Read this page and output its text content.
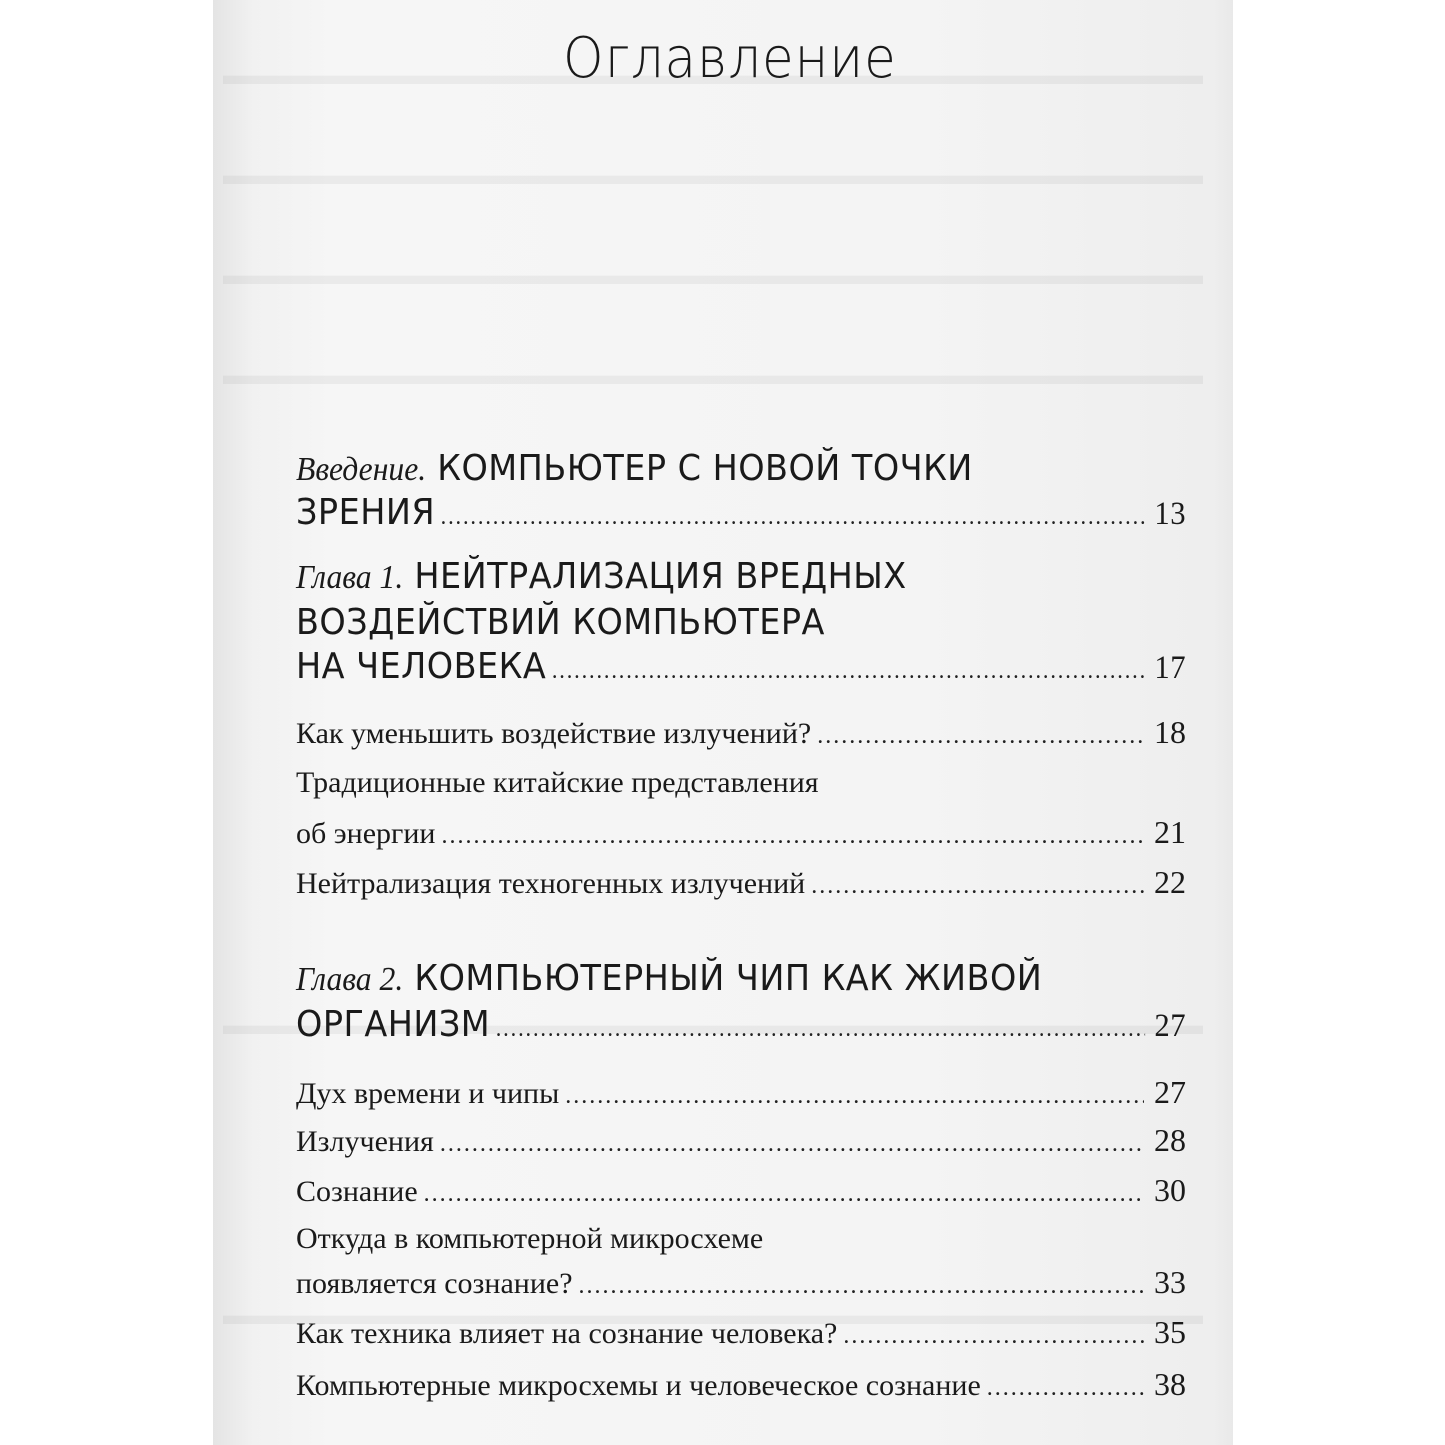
Оглавление
Введение.
КОМПЬЮТЕР С НОВОЙ ТОЧКИ
ЗРЕНИЯ .....	13
Глава 1.
НЕЙТРАЛИЗАЦИЯ ВРЕДНЫХ
ВОЗДЕЙСТВИЙ КОМПЬЮТЕРА
НА ЧЕЛОВЕКА .....	17
Как уменьшить воздействие излучений? .....	18
Традиционные китайские представления
об энергии .....	21
Нейтрализация техногенных излучений .....	22
Глава 2.
КОМПЬЮТЕРНЫЙ ЧИП КАК ЖИВОЙ
ОРГАНИЗМ .....	27
Дух времени и чипы .....	27
Излучения .....	28
Сознание .....	30
Откуда в компьютерной микросхеме
появляется сознание? .....	33
Как техника влияет на сознание человека? .....	35
Компьютерные микросхемы и человеческое сознание .....	38
